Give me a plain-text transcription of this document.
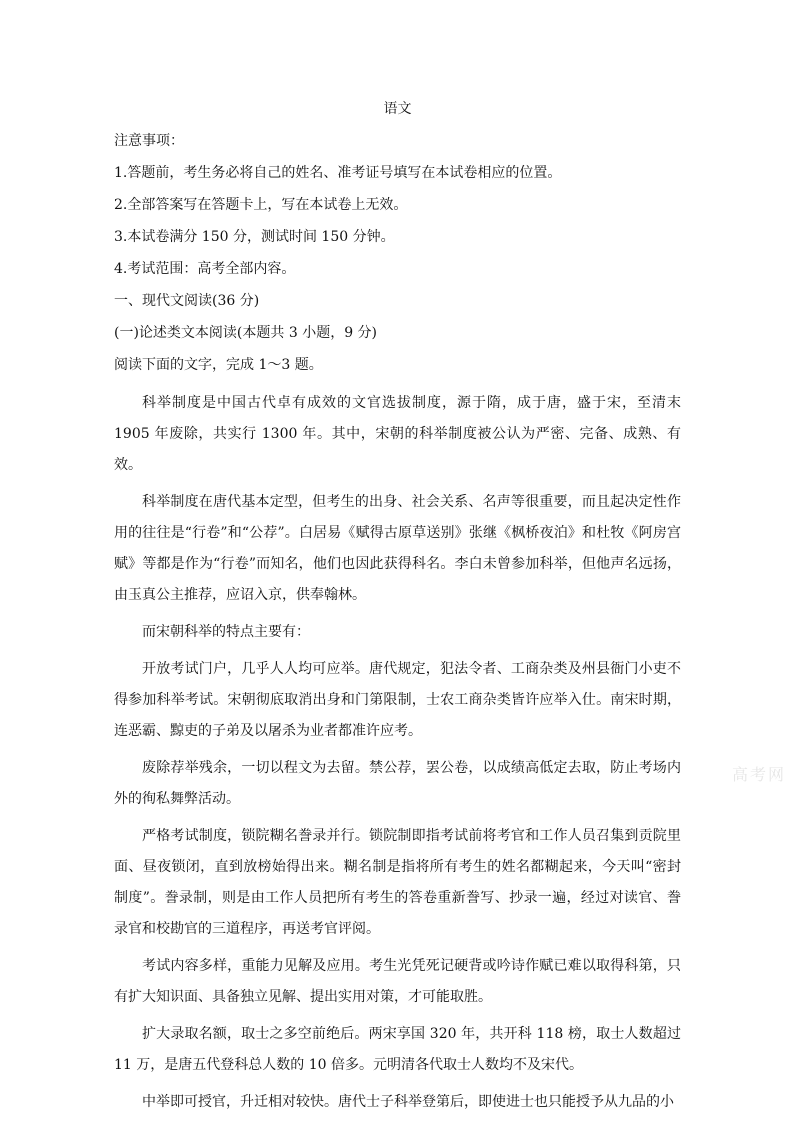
语文
注意事项：
1.答题前，考生务必将自己的姓名、准考证号填写在本试卷相应的位置。
2.全部答案写在答题卡上，写在本试卷上无效。
3.本试卷满分 150 分，测试时间 150 分钟。
4.考试范围：高考全部内容。
一、现代文阅读(36 分)
(一)论述类文本阅读(本题共 3 小题，9 分)
阅读下面的文字，完成 1～3 题。

科举制度是中国古代卓有成效的文官选拔制度，源于隋，成于唐，盛于宋，至清末 1905 年废除，共实行 1300 年。其中，宋朝的科举制度被公认为严密、完备、成熟、有效。

科举制度在唐代基本定型，但考生的出身、社会关系、名声等很重要，而且起决定性作用的往往是“行卷”和“公荐”。白居易《赋得古原草送别》张继《枫桥夜泊》和杜牧《阿房宫赋》等都是作为“行卷”而知名，他们也因此获得科名。李白未曾参加科举，但他声名远扬，由玉真公主推荐，应诏入京，供奉翰林。

而宋朝科举的特点主要有：

开放考试门户，几乎人人均可应举。唐代规定，犯法令者、工商杂类及州县衙门小吏不得参加科举考试。宋朝彻底取消出身和门第限制，士农工商杂类皆许应举入仕。南宋时期，连恶霸、黥吏的子弟及以屠杀为业者都准许应考。

废除荐举残余，一切以程文为去留。禁公荐，罢公卷，以成绩高低定去取，防止考场内外的徇私舞弊活动。

严格考试制度，锁院糊名誊录并行。锁院制即指考试前将考官和工作人员召集到贡院里面、昼夜锁闭，直到放榜始得出来。糊名制是指将所有考生的姓名都糊起来，今天叫“密封制度”。誊录制，则是由工作人员把所有考生的答卷重新誊写、抄录一遍，经过对读官、誊录官和校勘官的三道程序，再送考官评阅。

考试内容多样，重能力见解及应用。考生光凭死记硬背或吟诗作赋已难以取得科第，只有扩大知识面、具备独立见解、提出实用对策，才可能取胜。

扩大录取名额，取士之多空前绝后。两宋享国 320 年，共开科 118 榜，取士人数超过 11 万，是唐五代登科总人数的 10 倍多。元明清各代取士人数均不及宋代。

中举即可授官，升迁相对较快。唐代士子科举登第后，即使进士也只能授予从九品的小

高考网
